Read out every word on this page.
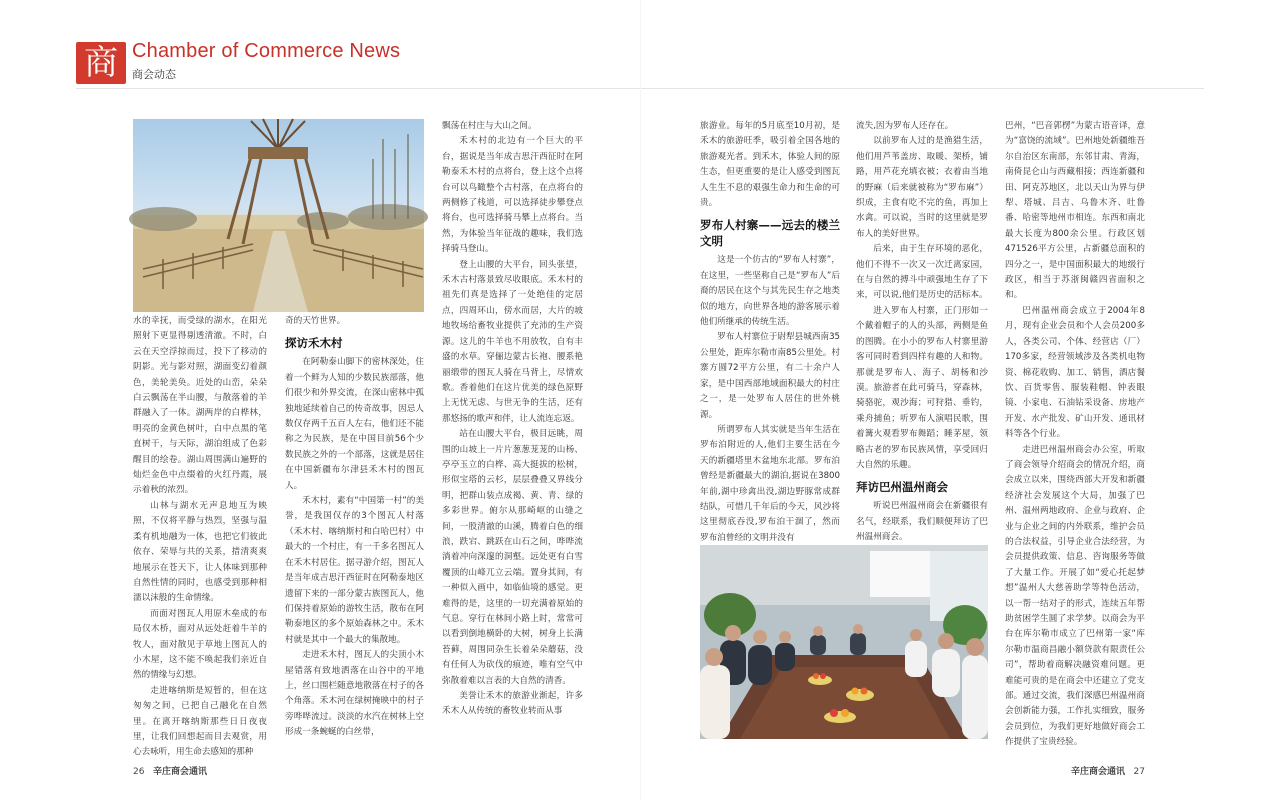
商 Chamber of Commerce News
商会动态

水的幸抚，而受绿的湖水，在阳光照射下更显得剔透清澈。不时，白云在天空浮掠而过，投下了移动的阴影。光与影对照，湖面变幻着颜色，美轮美奂。近处的山峦，朵朵白云飘荡在半山腰，与散落着的羊群融入了一体。湖两岸的白桦林，明亮的金黄色树叶，白中点黑的笔直树干，与天际，湖泊组成了色彩醒目的绘卷。湖山周围满山遍野的灿烂金色中点缀着的火红丹霞，展示着秋的浓烈。

山林与湖水无声息地互为映照，不仅将平静与热烈，坚强与温柔有机地融为一体，也把它们彼此依存、荣辱与共的关系，措清爽爽地展示在苍天下，让人体味到那种自然性情的同时，也感受到那种相濡以沫般的生命情缘。

而面对图瓦人用原木垒成的布局仅木桥，面对从远处赶着牛羊的牧人，面对散见于草地上图瓦人的小木屋，这不能不唤起我们亲近自然的情缘与幻想。

走进喀纳斯是短暂的，但在这匆匆之间，已把自己融化在自然里。在离开喀纳斯那些日日夜夜里，让我们回想起而目去观赏，用心去咏听，用生命去感知的那种

奇的天竹世界。

探访禾木村

在阿勒泰山脚下的密林深处，住着一个鲜为人知的少数民族部落，他们很少和外界交流，在深山密林中孤独地延续着自己的传奇故事，因忌人数仅存两千五百人左右，他们还不能称之为民族，是在中国目前56个少数民族之外的一个部落，这就是居住在中国新疆布尔津县禾木村的图瓦人。

禾木村，素有“中国第一村”的美誉，是我国仅存的3个图瓦人村落（禾木村、喀纳斯村和白哈巴村）中最大的一个村庄，有一千多名图瓦人在禾木村居住。据寻游介绍，图瓦人是当年成吉思汗西征时在阿勒泰地区遗留下来的一部分蒙古族图瓦人，他们保持着原始的游牧生活，散布在阿勒泰地区的多个原始森林之中。禾木村就是其中一个最大的集散地。

走进禾木村，图瓦人的尖顶小木屋错落有致地洒落在山谷中的平地上，丝口围栏随意地散落在村子的各个角落。禾木河在绿树掩映中的村子旁哗哗流过。淡淡的水汽在树林上空形成一条蜿蜒的白丝带，

飘荡在村庄与大山之间。

禾木村的北边有一个巨大的平台，据说是当年成吉思汗西征时在阿勒泰禾木村的点将台，登上这个点将台可以鸟瞰整个古村落，在点将台的两侧修了栈道，可以选择徒步攀登点将台，也可选择骑马攀上点将台。当然，为体验当年征战的趣味，我们选择骑马登山。

登上山腰的大平台，回头张望，禾木古村落景致尽收眼底。禾木村的祖先们真是选择了一处绝佳的定居点，四周环山，傍水而居，大片的坡地牧场给畜牧业提供了充沛的生产资源。这儿的牛羊也不用放牧，自有丰盛的水草。穿俪边蒙古长袍、腰系艳丽缎带的图瓦人骑在马背上，尽情欢歌。香着他们在这片优美的绿色原野上无忧无虑、与世无争的生活，还有那悠扬的歌声和伴，让人流连忘返。

站在山腰大平台，极目远眺，周围的山坡上一片片葱葱茏茏的山杨、亭亭玉立的白桦、高大挺拔的松树，形似宝塔的云杉，层层叠叠又界线分明，把群山装点成褐、黄、青、绿的多彩世界。俯尔从那崎岖的山缝之间，一股清澈的山溪，腾着白色的细浪，跌宕、跳跃在山石之间，哗哗流淌着冲向深邃的洞壑。远处更有白雪覆顶的山峰兀立云端。置身其间，有一种似入画中，如临仙境的感觉。更难得的是，这里的一切充满着原始的气息。穿行在林间小路上时，常常可以看到倒地横卧的大树，树身上长满苔藓，周围同杂生长着朵朵蘑菇，没有任何人为砍伐的痕迹，唯有空气中弥散着难以言表的大自然的清香。

美誉让禾木的旅游业渐起，许多禾木人从传统的畜牧业转而从事

旅游业。每年的5月底至10月初，是禾木的旅游旺季，吸引着全国各地的旅游观光者。到禾木，体验人间的原生态，但更重要的是让人感受到图瓦人生生不息的艰强生命力和生命的可贵。

罗布人村寨——远去的楼兰文明

这是一个仿古的“罗布人村寨”，在这里，一些坚称自己是“罗布人”后裔的居民在这个与其先民生存之地类似的地方，向世界各地的游客展示着他们所继承的传统生活。

罗布人村寨位于尉犁县城西南35公里处，距库尔勒市南85公里处。村寨方圆72平方公里，有二十余户人家，是中国西部地域面积最大的村庄之一，是一处罗布人居住的世外桃源。

所谓罗布人其实就是当年生活在罗布泊附近的人,他们主要生活在今天的新疆塔里木盆地东北部。罗布泊曾经是新疆最大的湖泊,据说在3800年前,湖中珍禽出没,湖边野豚常成群结队，可惜几千年后的今天，风沙将这里彻底吞没,罗布泊干涸了，然而罗布泊曾经的文明并没有

流失,因为罗布人还存在。

以前罗布人过的是渔猎生活，他们用芦苇盖房、取暖、架桥，铺路，用芦花充填衣被；衣着由当地的野麻（后来就被称为“罗布麻”）织成，主食有吃不完的鱼，再加上水禽。可以说，当时的这里就是罗布人的美好世界。

后来，由于生存环境的恶化，他们不得不一次又一次迁离家园，在与自然的搏斗中顽强地生存了下来，可以说,他们是历史的活标本。

进入罗布人村寨，正门形如一个戴着帽子的人的头部，两侧是鱼的图腾。在小小的罗布人村寨里游客可同时看到四样有趣的人和物。那就是罗布人、海子、胡杨和沙漠。旅游者在此可骑马，穿森林，骑骆驼，观沙海；可狩猎、垂钓，乘舟捕鱼；听罗布人演唱民歌，围着篝火观看罗布舞蹈；睡茅屋，领略古老的罗布民族风情，享受回归大自然的乐趣。

拜访巴州温州商会

听说巴州温州商会在新疆很有名气，经联系，我们顺便拜访了巴州温州商会。

巴州，“巴音郭楞”为蒙古语音译，意为“富饶的流域”。巴州地处新疆维吾尔自治区东南部，东邻甘肃、青海，南倚昆仑山与西藏相接；西连新疆和田、阿克苏地区，北以天山为界与伊犁、塔城、吕吉、乌鲁木齐、吐鲁番、哈密等地州市相连。东西和南北最大长度为800余公里。行政区划471526平方公里，占新疆总面积的四分之一，是中国面积最大的地级行政区，相当于苏浙闽赣四省面积之和。

巴州温州商会成立于2004年8月，现有企业会员和个人会员200多人，各类公司、个体、经营店（厂）170多家，经营领域涉及各类机电物资、棉花收购、加工、销售，酒店餐饮、百货零售、服装鞋帽、钟表眼镜、小家电、石油钻采设备、房地产开发、水产批发、矿山开发、通讯材料等各个行业。

走进巴州温州商会办公室，听取了商会领导介绍商会的情况介绍，商会成立以来，围绕西部大开发和新疆经济社会发展这个大局，加强了巴州、温州两地政府、企业与政府、企业与企业之间的内外联系，维护会员的合法权益，引导企业合法经营，为会员提供政策、信息、咨询服务等做了大量工作。开展了如“爱心托起梦想”温州人大慈善助学等特色活动，以一帮一结对子的形式，连续五年帮助贫困学生圆了求学梦。以商会为平台在库尔勒市成立了巴州第一家“库尔勒市温商昌融小额贷款有限责任公司”，帮助着商解决融资难问题。更难能可贵的是在商会中还建立了党支部。通过交流，我们深感巴州温州商会创新能力强，工作扎实细致，服务会员到位，为我们更好地做好商会工作提供了宝贵经验。

26 辛庄商会通讯	辛庄商会通讯 27
